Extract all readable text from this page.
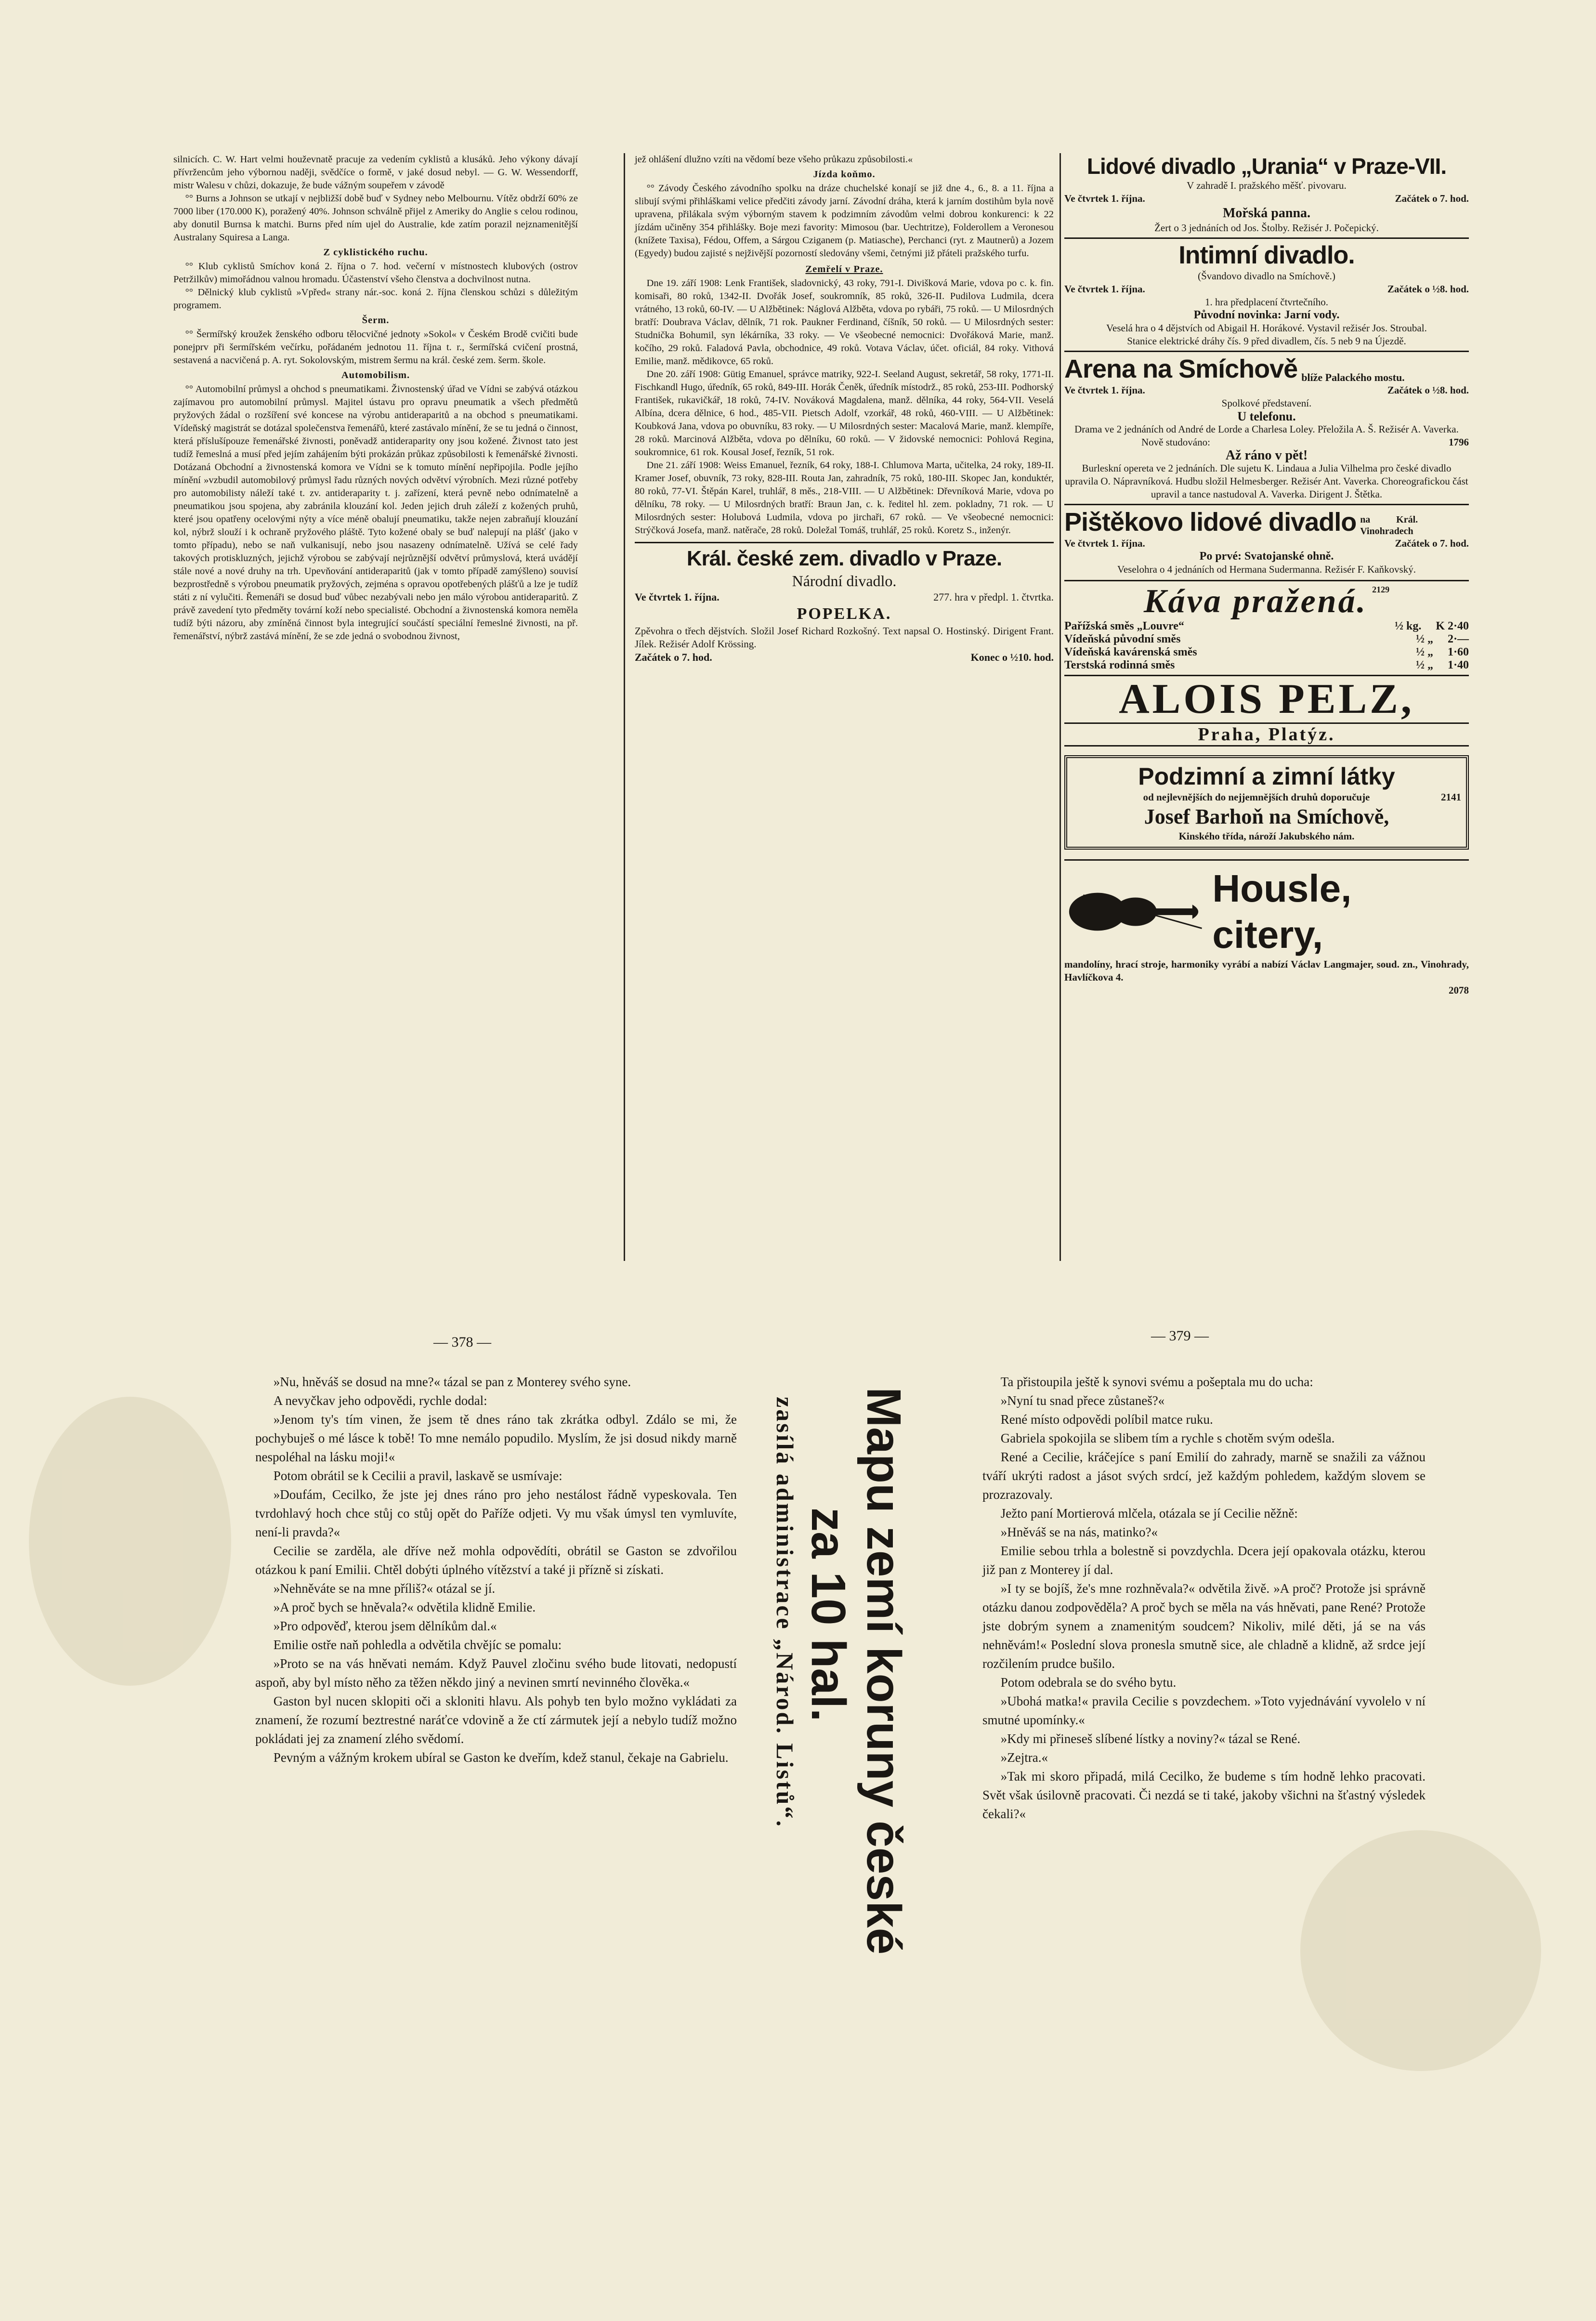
silnicích. C. W. Hart velmi houževnatě pracuje za vedením cyklistů a klusáků. Jeho výkony dávají přívržencům jeho výbornou naději, svědčíce o formě, v jaké dosud nebyl. — G. W. Wessendorff, mistr Walesu v chůzi, dokazuje, že bude vážným soupeřem v závodě

°° Burns a Johnson se utkají v nejbližší době buď v Sydney nebo Melbournu. Vítěz obdrží 60% ze 7000 liber (170.000 K), poražený 40%. Johnson schválně přijel z Ameriky do Anglie s celou rodinou, aby donutil Burnsa k matchi. Burns před ním ujel do Australie, kde zatím porazil nejznamenitější Australany Squiresa a Langa.

Z cyklistického ruchu.

°° Klub cyklistů Smíchov koná 2. října o 7. hod. večerní v místnostech klubových (ostrov Petržilkův) mimořádnou valnou hromadu. Účastenství všeho členstva a dochvilnost nutna.

°° Dělnický klub cyklistů »Vpřed« strany nár.-soc. koná 2. října členskou schůzi s důležitým programem.

Šerm.

°° Šermířský kroužek ženského odboru tělocvičné jednoty »Sokol« v Českém Brodě cvičiti bude ponejprv při šermířském večírku, pořádaném jednotou 11. října t. r., šermířská cvičení prostná, sestavená a nacvičená p. A. ryt. Sokolovským, mistrem šermu na král. české zem. šerm. škole.

Automobilism.

°° Automobilní průmysl a ohchod s pneumatikami. Živnostenský úřad ve Vídni se zabývá otázkou zajímavou pro automobilní průmysl. Majitel ústavu pro opravu pneumatik a všech předmětů pryžových žádal o rozšíření své koncese na výrobu antideraparitů a na obchod s pneumatikami. Vídeňský magistrát se dotázal společenstva řemenářů, které zastávalo mínění, že se tu jedná o činnost, která příslušípouze řemenářské živnosti, poněvadž antideraparity ony jsou kožené. Živnost tato jest tudíž řemeslná a musí před jejím zahájením býti prokázán průkaz způsobilosti k řemenářské živnosti. Dotázaná Obchodní a živnostenská komora ve Vídni se k tomuto mínění nepřipojila. Podle jejího mínění »vzbudil automobilový průmysl řadu různých nových odvětví výrobních. Mezi různé potřeby pro automobilisty náleží také t. zv. antideraparity t. j. zařízení, která pevně nebo odnímatelně a pneumatikou jsou spojena, aby zabránila klouzání kol. Jeden jejich druh záleží z kožených pruhů, které jsou opatřeny ocelovými nýty a více méně obalují pneumatiku, takže nejen zabraňují klouzání kol, nýbrž slouží i k ochraně pryžového pláště. Tyto kožené obaly se buď nalepují na plášť (jako v tomto případu), nebo se naň vulkanisují, nebo jsou nasazeny odnímatelně. Užívá se celé řady takových protiskluzných, jejichž výrobou se zabývají nejrůznější odvětví průmyslová, která uvádějí stále nové a nové druhy na trh. Upevňování antideraparitů (jak v tomto případě zamýšleno) souvisí bezprostředně s výrobou pneumatik pryžových, zejména s opravou opotřebených plášťů a lze je tudíž státi z ní vylučiti. Řemenáři se dosud buď vůbec nezabývali nebo jen málo výrobou antideraparitů. Z právě zavedení tyto předměty tovární koží nebo specialisté. Obchodní a živnostenská komora neměla tudíž býti názoru, aby zmíněná činnost byla integrující součástí speciální řemeslné živnosti, na př. řemenářství, nýbrž zastává mínění, že se zde jedná o svobodnou živnost,

jež ohlášení dlužno vzíti na vědomí beze všeho průkazu způsobilosti.«

Jízda koňmo.

°° Závody Českého závodního spolku na dráze chuchelské konají se již dne 4., 6., 8. a 11. října a slibují svými přihláškami velice předčiti závody jarní. Závodní dráha, která k jarním dostihům byla nově upravena, přilákala svým výborným stavem k podzimním závodům velmi dobrou konkurenci: k 22 jízdám učiněny 354 přihlášky. Boje mezi favority: Mimosou (bar. Uechtritze), Folderollem a Veronesou (knížete Taxisa), Fédou, Offem, a Sárgou Cziganem (p. Matiasche), Perchanci (ryt. z Mautnerů) a Jozem (Egyedy) budou zajisté s nejživější pozorností sledovány všemi, četnými již přáteli pražského turfu.

Zemřelí v Praze.

Dne 19. září 1908: Lenk František, sladovnický, 43 roky, 791-I. Divišková Marie, vdova po c. k. fin. komisaři, 80 roků, 1342-II. Dvořák Josef, soukromník, 85 roků, 326-II. Pudilova Ludmila, dcera vrátného, 13 roků, 60-IV. — U Alžbětinek: Náglová Alžběta, vdova po rybáři, 75 roků. — U Milosrdných bratří: Doubrava Václav, dělník, 71 rok. Paukner Ferdinand, číšník, 50 roků. — U Milosrdných sester: Studnička Bohumil, syn lékárníka, 33 roky. — Ve všeobecné nemocnici: Dvořáková Marie, manž. kočího, 29 roků. Faladová Pavla, obchodnice, 49 roků. Votava Václav, účet. oficiál, 84 roky. Vithová Emilie, manž. mědikovce, 65 roků.

Dne 20. září 1908: Gütig Emanuel, správce matriky, 922-I. Seeland August, sekretář, 58 roky, 1771-II. Fischkandl Hugo, úředník, 65 roků, 849-III. Horák Čeněk, úředník místodrž., 85 roků, 253-III. Podhorský František, rukavičkář, 18 roků, 74-IV. Nováková Magdalena, manž. dělníka, 44 roky, 564-VII. Veselá Albína, dcera dělnice, 6 hod., 485-VII. Pietsch Adolf, vzorkář, 48 roků, 460-VIII. — U Alžbětinek: Koubková Jana, vdova po obuvníku, 83 roky. — U Milosrdných sester: Macalová Marie, manž. klempíře, 28 roků. Marcinová Alžběta, vdova po dělníku, 60 roků. — V židovské nemocnici: Pohlová Regina, soukromnice, 61 rok. Kousal Josef, řezník, 51 rok.

Dne 21. září 1908: Weiss Emanuel, řezník, 64 roky, 188-I. Chlumova Marta, učitelka, 24 roky, 189-II. Kramer Josef, obuvník, 73 roky, 828-III. Routa Jan, zahradník, 75 roků, 180-III. Skopec Jan, konduktér, 80 roků, 77-VI. Štěpán Karel, truhlář, 8 měs., 218-VIII. — U Alžbětinek: Dřevníková Marie, vdova po dělníku, 78 roky. — U Milosrdných bratří: Braun Jan, c. k. ředitel hl. zem. pokladny, 71 rok. — U Milosrdných sester: Holubová Ludmila, vdova po jirchaři, 67 roků. — Ve všeobecné nemocnici: Strýčková Josefa, manž. natěrače, 28 roků. Doležal Tomáš, truhlář, 25 roků. Koretz S., inženýr.

Král. české zem. divadlo v Praze.
Národní divadlo.
Ve čtvrtek 1. října.	277. hra v předpl. 1. čtvrtka.
POPELKA.

Zpěvohra o třech dějstvích. Složil Josef Richard Rozkošný. Text napsal O. Hostinský. Dirigent Frant. Jílek. Režisér Adolf Krössing.

Začátek o 7. hod.	Konec o ½10. hod.
Lidové divadlo „Urania“ v Praze-VII.
V zahradě I. pražského měšť. pivovaru.
Ve čtvrtek 1. října.	Začátek o 7. hod.
Mořská panna.
Žert o 3 jednáních od Jos. Štolby. Režisér J. Počepický.
Intimní divadlo.
(Švandovo divadlo na Smíchově.)
Ve čtvrtek 1. října.	Začátek o ½8. hod.
1. hra předplacení čtvrtečního.
Původní novinka: Jarní vody.
Veselá hra o 4 dějstvích od Abigail H. Horákové. Vystavil režisér Jos. Stroubal.
Stanice elektrické dráhy čís. 9 před divadlem, čís. 5 neb 9 na Újezdě.
Arena na Smíchově blíže Palackého mostu.
Ve čtvrtek 1. října.	Začátek o ½8. hod.
Spolkové představení.
U telefonu.
Drama ve 2 jednáních od André de Lorde a Charlesa Loley. Přeložila A. Š. Režisér A. Vaverka.
Nově studováno:	1796
Až ráno v pět!
Burleskní opereta ve 2 jednáních. Dle sujetu K. Lindaua a Julia Vilhelma pro české divadlo upravila O. Nápravníková. Hudbu složil Helmesberger. Režisér Ant. Vaverka. Choreografickou část upravil a tance nastudoval A. Vaverka. Dirigent J. Štětka.
Pištěkovo lidové divadlo na Král. Vinohradech
Ve čtvrtek 1. října.	Začátek o 7. hod.
Po prvé: Svatojanské ohně.
Veselohra o 4 jednáních od Hermana Sudermanna. Režisér F. Kaňkovský.
Káva pražená. 2129
Pařížská směs „Louvre“	½ kg. K 2·40
Vídeňská původní směs	½ „ 2·—
Vídeňská kavárenská směs	½ „ 1·60
Terstská rodinná směs	½ „ 1·40
ALOIS PELZ,
Praha, Platýz.
Podzimní a zimní látky
od nejlevnějších do nejjemnějších druhů doporučuje	2141
Josef Barhoň na Smíchově,
Kinského třída, nároží Jakubského nám.
Housle, citery,
mandolíny, hrací stroje, harmoniky vyrábí a nabízí Václav Langmajer, soud. zn., Vinohrady, Havlíčkova 4.
2078
— 378 —	— 379 —

»Nu, hněváš se dosud na mne?« tázal se pan z Monterey svého syne.

A nevyčkav jeho odpovědi, rychle dodal:

»Jenom ty's tím vinen, že jsem tě dnes ráno tak zkrátka odbyl. Zdálo se mi, že pochybuješ o mé lásce k tobě! To mne nemálo popudilo. Myslím, že jsi dosud nikdy marně nespoléhal na lásku moji!«

Potom obrátil se k Cecilii a pravil, laskavě se usmívaje:

»Doufám, Cecilko, že jste jej dnes ráno pro jeho nestálost řádně vypeskovala. Ten tvrdohlavý hoch chce stůj co stůj opět do Paříže odjeti. Vy mu však úmysl ten vymluvíte, není-li pravda?«

Cecilie se zarděla, ale dříve než mohla odpovědíti, obrátil se Gaston se zdvořilou otázkou k paní Emilii. Chtěl dobýti úplného vítězství a také ji přízně si získati.

»Nehněváte se na mne příliš?« otázal se jí.

»A proč bych se hněvala?« odvětila klidně Emilie.

»Pro odpověď, kterou jsem dělníkům dal.«

Emilie ostře naň pohledla a odvětila chvějíc se pomalu:

»Proto se na vás hněvati nemám. Když Pauvel zločinu svého bude litovati, nedopustí aspoň, aby byl místo něho za těžen někdo jiný a nevinen smrtí nevinného člověka.«

Gaston byl nucen sklopiti oči a skloniti hlavu. Als pohyb ten bylo možno vykládati za znamení, že rozumí beztrestné naráťce vdovině a že ctí zármutek její a nebylo tudíž možno pokládati jej za znamení zlého svědomí.

Pevným a vážným krokem ubíral se Gaston ke dveřím, kdež stanul, čekaje na Gabrielu.	Mapu zemí koruny české
za 10 hal.
zasílá administrace „Národ. Listů“.

Ta přistoupila ještě k synovi svému a pošeptala mu do ucha:

»Nyní tu snad přece zůstaneš?«

René místo odpovědi políbil matce ruku.

Gabriela spokojila se slibem tím a rychle s chotěm svým odešla.

René a Cecilie, kráčejíce s paní Emilií do zahrady, marně se snažili za vážnou tváří ukrýti radost a jásot svých srdcí, jež každým pohledem, každým slovem se prozrazovaly.

Ježto paní Mortierová mlčela, otázala se jí Cecilie něžně:

»Hněváš se na nás, matinko?«

Emilie sebou trhla a bolestně si povzdychla. Dcera její opakovala otázku, kterou již pan z Monterey jí dal.

»I ty se bojíš, že's mne rozhněvala?« odvětila živě. »A proč? Protože jsi správně otázku danou zodpověděla? A proč bych se měla na vás hněvati, pane René? Protože jste dobrým synem a znamenitým soudcem? Nikoliv, milé děti, já se na vás nehněvám!« Poslední slova pronesla smutně sice, ale chladně a klidně, až srdce její rozčilením prudce bušilo.

Potom odebrala se do svého bytu.

»Ubohá matka!« pravila Cecilie s povzdechem. »Toto vyjednávání vyvolelo v ní smutné upomínky.«

»Kdy mi přineseš slíbené lístky a noviny?« tázal se René.

»Zejtra.«

»Tak mi skoro připadá, milá Cecilko, že budeme s tím hodně lehko pracovati. Svět však úsilovně pracovati. Či nezdá se ti také, jakoby všichni na šťastný výsledek čekali?«
